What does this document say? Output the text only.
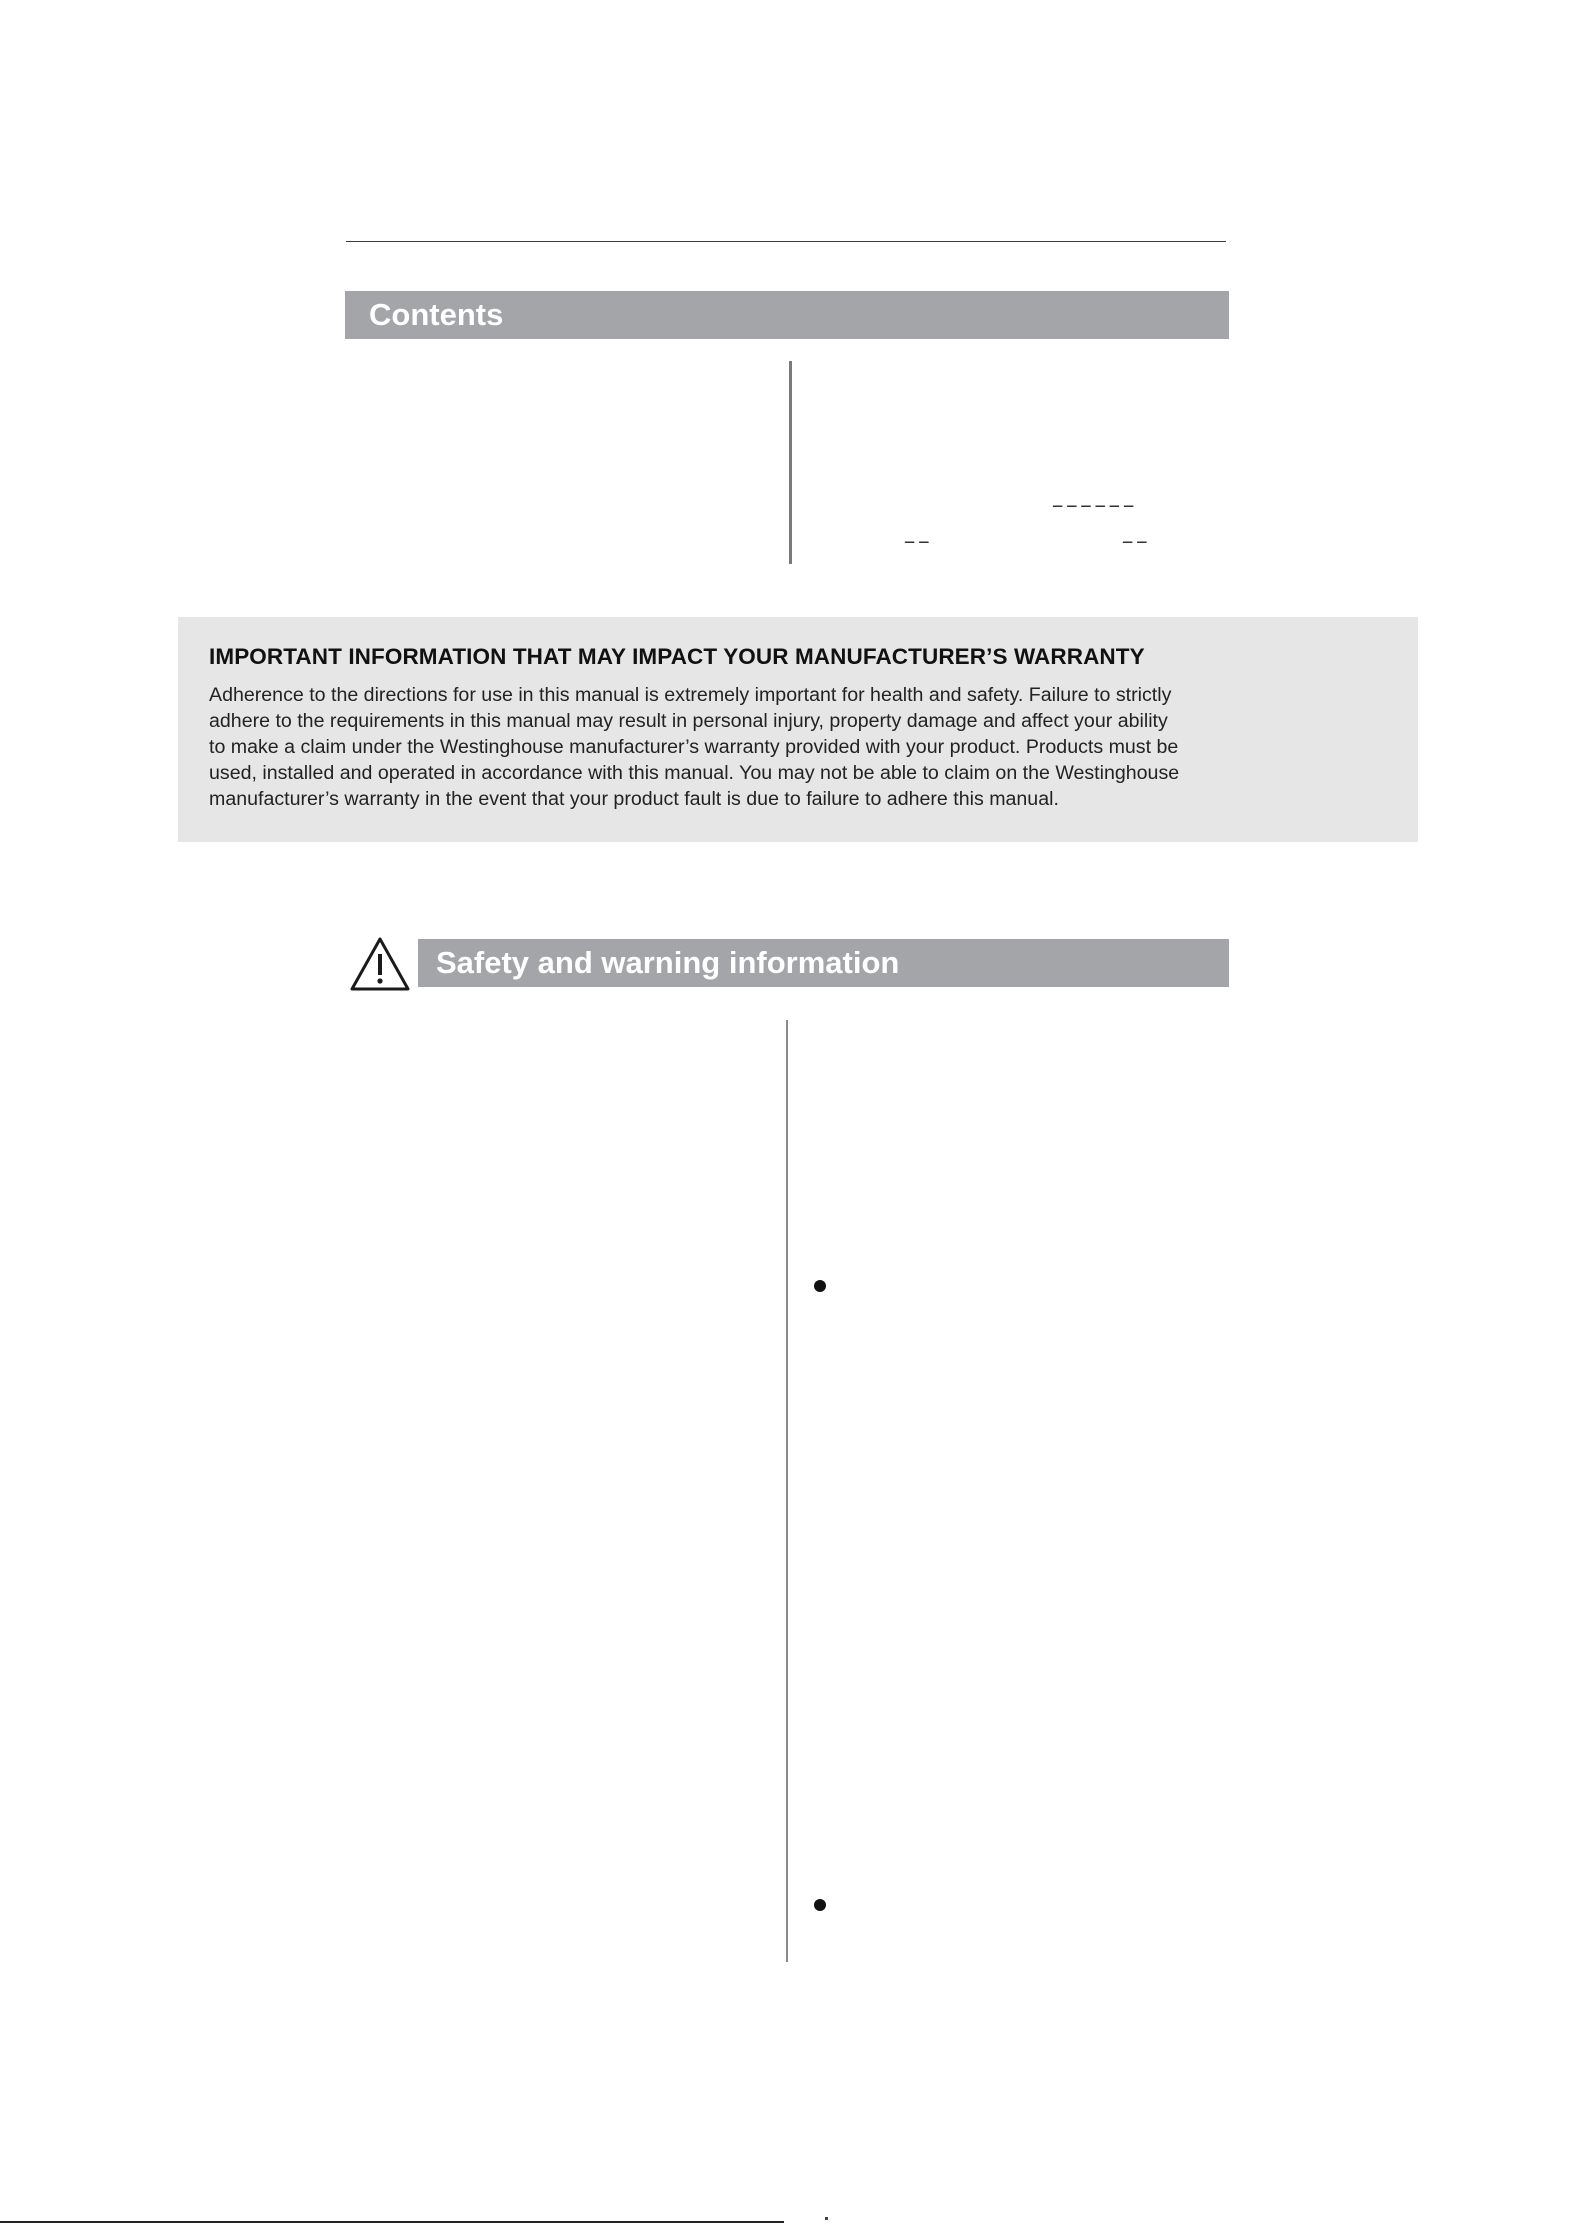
Contents
––––––
––	––
IMPORTANT INFORMATION THAT MAY IMPACT YOUR MANUFACTURER’S WARRANTY
Adherence to the directions for use in this manual is extremely important for health and safety. Failure to strictly
adhere to the requirements in this manual may result in personal injury, property damage and affect your ability
to make a claim under the Westinghouse manufacturer’s warranty provided with your product. Products must be
used, installed and operated in accordance with this manual. You may not be able to claim on the Westinghouse
manufacturer’s warranty in the event that your product fault is due to failure to adhere this manual.
Safety and warning information
